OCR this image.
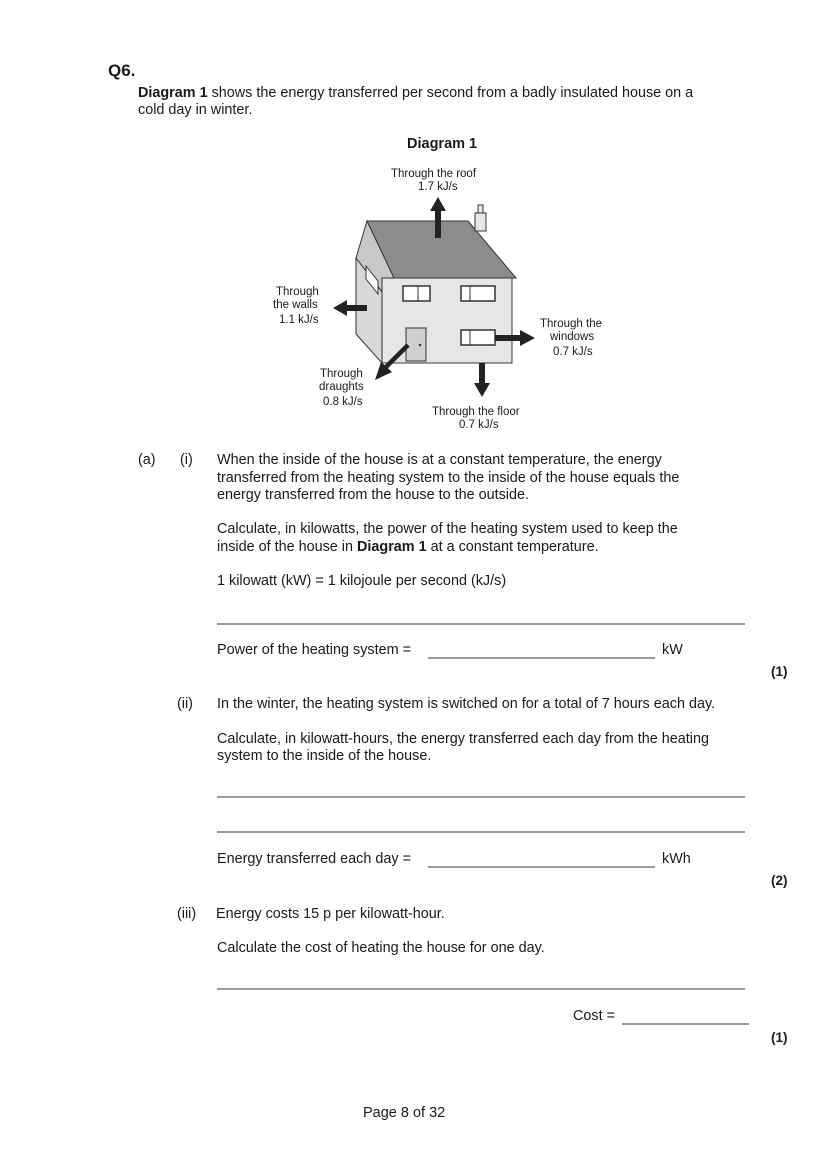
Q6.
Diagram 1 shows the energy transferred per second from a badly insulated house on a
cold day in winter.
Diagram 1
Through the roof
1.7 kJ/s
Through
the walls
1.1 kJ/s	Through the
windows
0.7 kJ/s
Through
draughts
0.8 kJ/s
Through the floor
0.7 kJ/s
(a) (i) When the inside of the house is at a constant temperature, the energy
transferred from the heating system to the inside of the house equals the
energy transferred from the house to the outside.
Calculate, in kilowatts, the power of the heating system used to keep the
inside of the house in Diagram 1 at a constant temperature.
1 kilowatt (kW) = 1 kilojoule per second (kJ/s)
Power of the heating system =	kW
(1)
(ii) In the winter, the heating system is switched on for a total of 7 hours each day.
Calculate, in kilowatt-hours, the energy transferred each day from the heating
system to the inside of the house.
Energy transferred each day =	kWh
(2)
(iii) Energy costs 15 p per kilowatt-hour.
Calculate the cost of heating the house for one day.
Cost =
(1)
Page 8 of 32
